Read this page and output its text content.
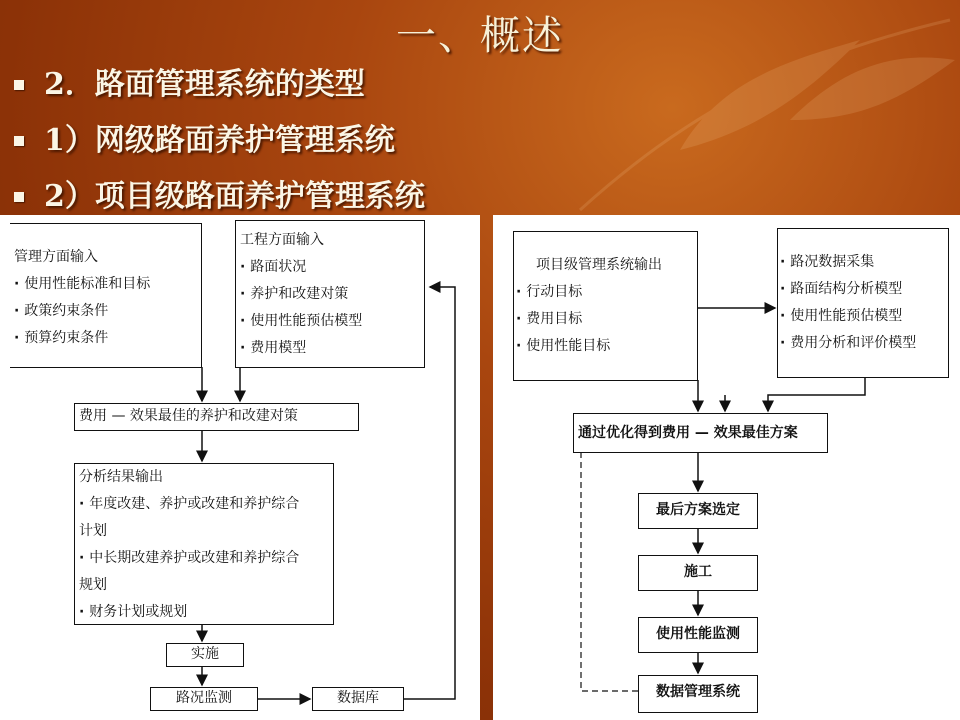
一、概述
2．路面管理系统的类型
1）网级路面养护管理系统
2）项目级路面养护管理系统
管理方面输入
· 使用性能标准和目标
· 政策约束条件
· 预算约束条件
工程方面输入
· 路面状况
· 养护和改建对策
· 使用性能预估模型
· 费用模型
费用 — 效果最佳的养护和改建对策
分析结果输出
· 年度改建、养护或改建和养护综合
计划
· 中长期改建养护或改建和养护综合
规划
· 财务计划或规划
实施
路况监测	数据库
项目级管理系统输出
· 行动目标
· 费用目标
· 使用性能目标
· 路况数据采集
· 路面结构分析模型
· 使用性能预估模型
· 费用分析和评价模型
通过优化得到费用 — 效果最佳方案
最后方案选定
施工
使用性能监测
数据管理系统
